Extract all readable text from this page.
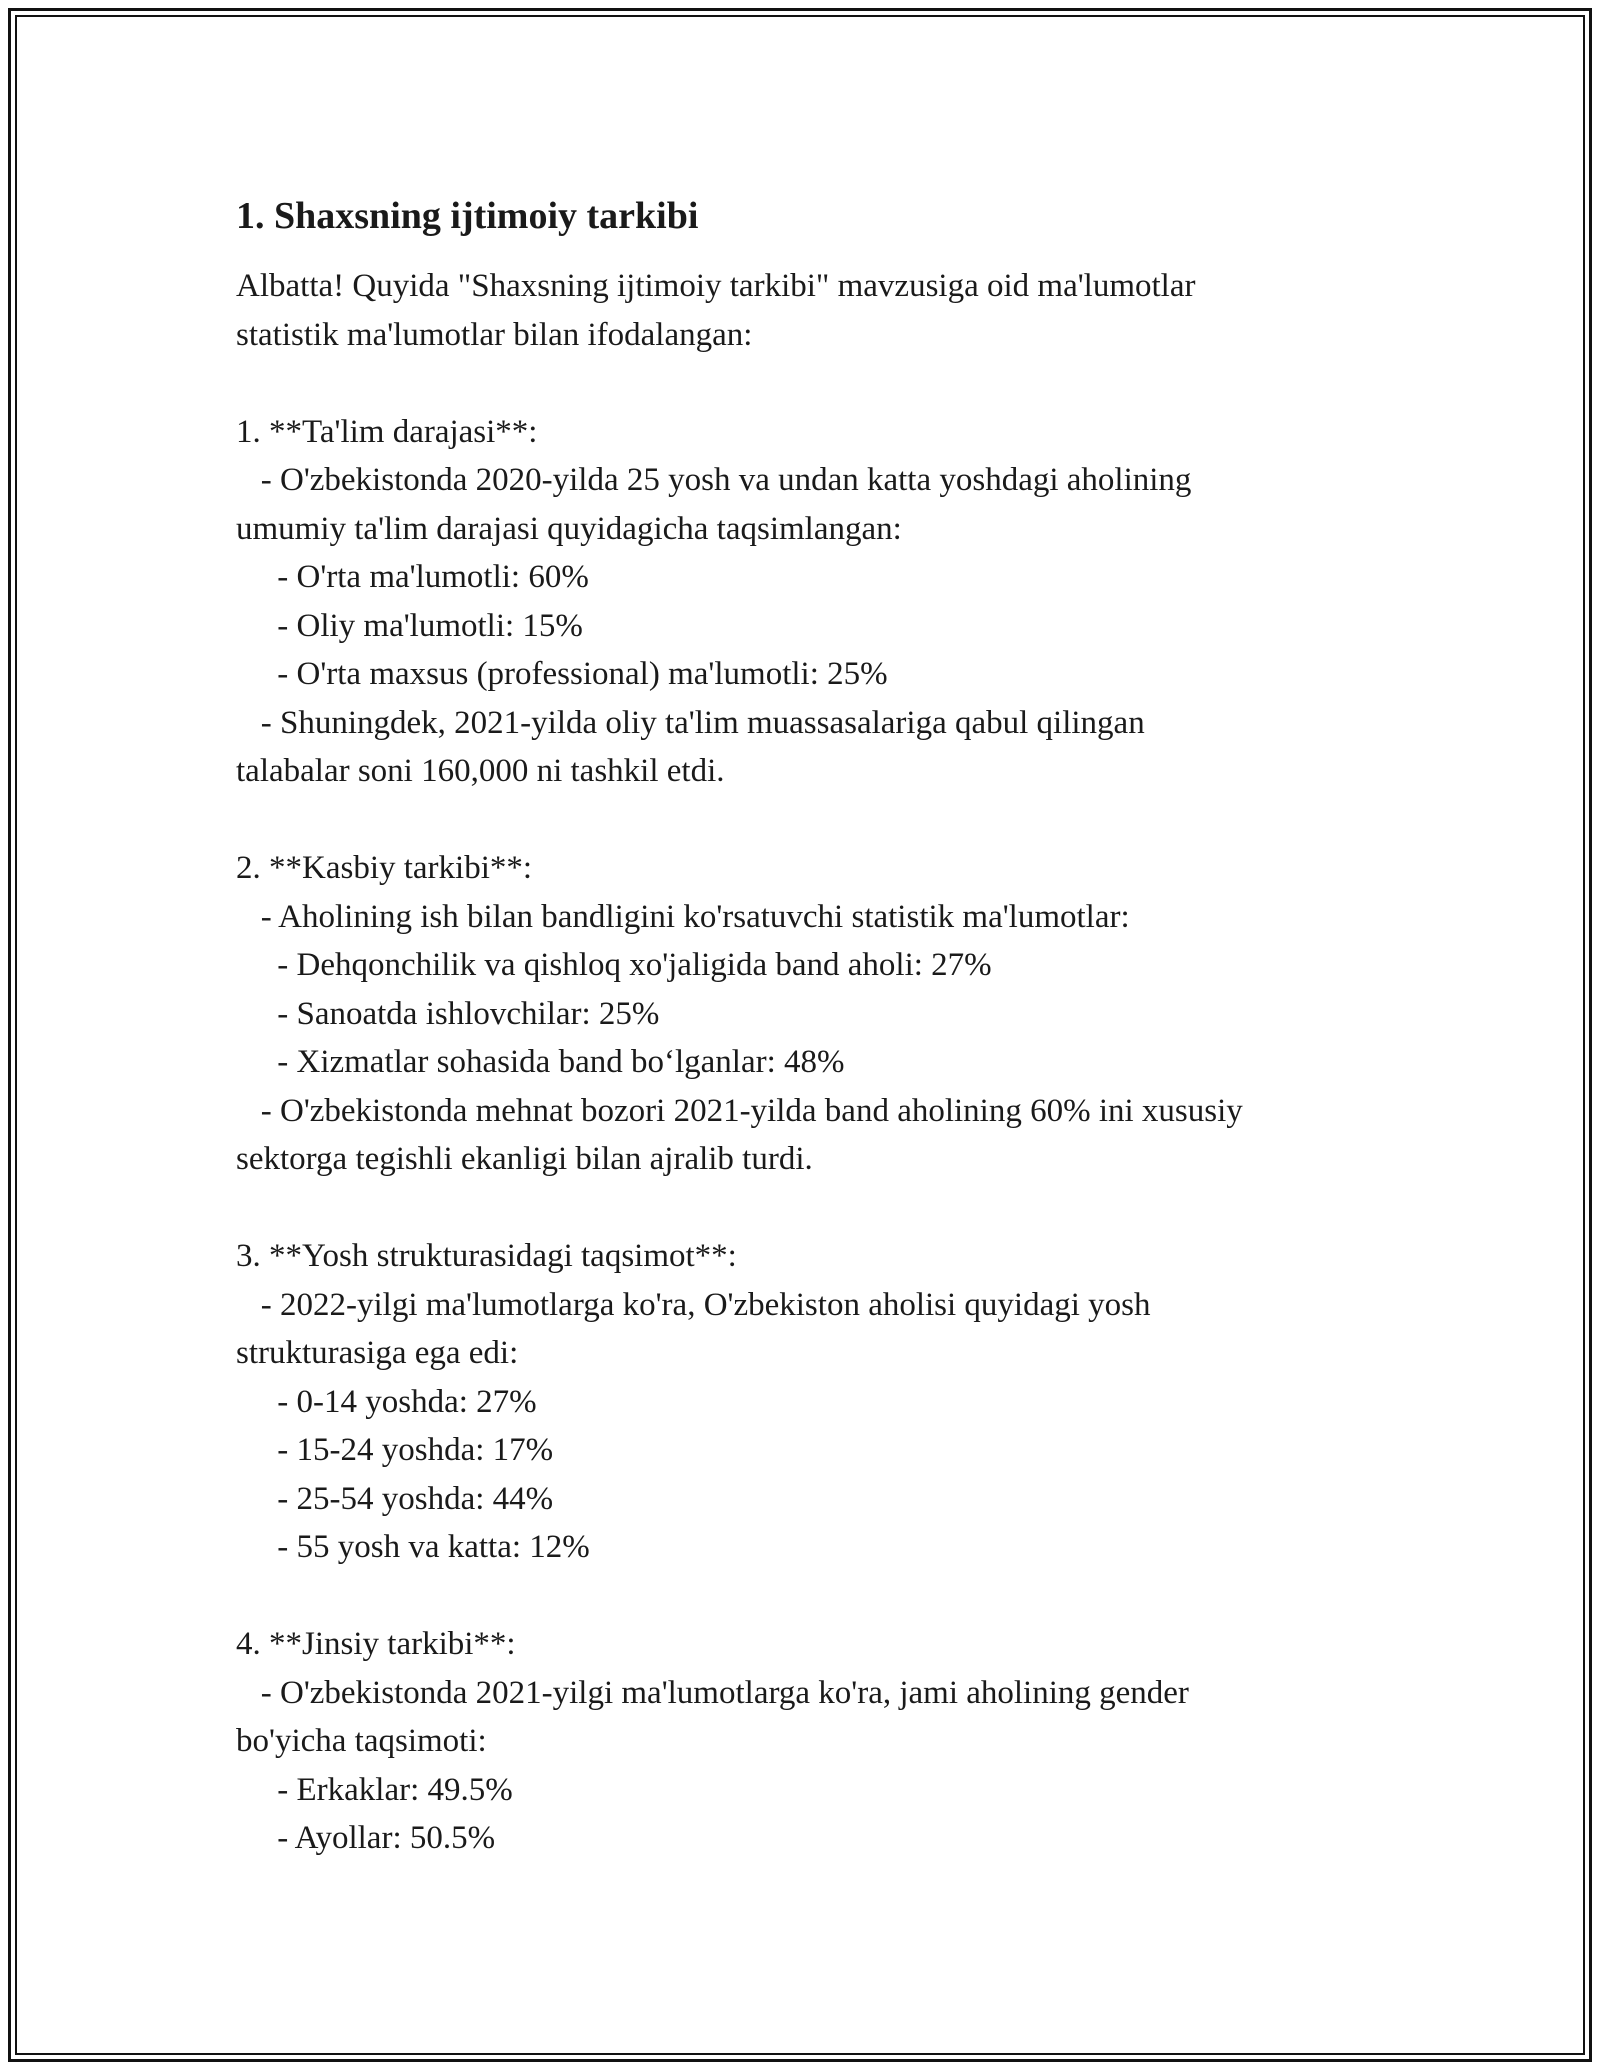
1. Shaxsning ijtimoiy tarkibi
Albatta! Quyida "Shaxsning ijtimoiy tarkibi" mavzusiga oid ma'lumotlar
statistik ma'lumotlar bilan ifodalangan:
1. **Ta'lim darajasi**:
- O'zbekistonda 2020-yilda 25 yosh va undan katta yoshdagi aholining
umumiy ta'lim darajasi quyidagicha taqsimlangan:
- O'rta ma'lumotli: 60%
- Oliy ma'lumotli: 15%
- O'rta maxsus (professional) ma'lumotli: 25%
- Shuningdek, 2021-yilda oliy ta'lim muassasalariga qabul qilingan
talabalar soni 160,000 ni tashkil etdi.
2. **Kasbiy tarkibi**:
- Aholining ish bilan bandligini ko'rsatuvchi statistik ma'lumotlar:
- Dehqonchilik va qishloq xo'jaligida band aholi: 27%
- Sanoatda ishlovchilar: 25%
- Xizmatlar sohasida band bo‘lganlar: 48%
- O'zbekistonda mehnat bozori 2021-yilda band aholining 60% ini xususiy
sektorga tegishli ekanligi bilan ajralib turdi.
3. **Yosh strukturasidagi taqsimot**:
- 2022-yilgi ma'lumotlarga ko'ra, O'zbekiston aholisi quyidagi yosh
strukturasiga ega edi:
- 0-14 yoshda: 27%
- 15-24 yoshda: 17%
- 25-54 yoshda: 44%
- 55 yosh va katta: 12%
4. **Jinsiy tarkibi**:
- O'zbekistonda 2021-yilgi ma'lumotlarga ko'ra, jami aholining gender
bo'yicha taqsimoti:
- Erkaklar: 49.5%
- Ayollar: 50.5%
